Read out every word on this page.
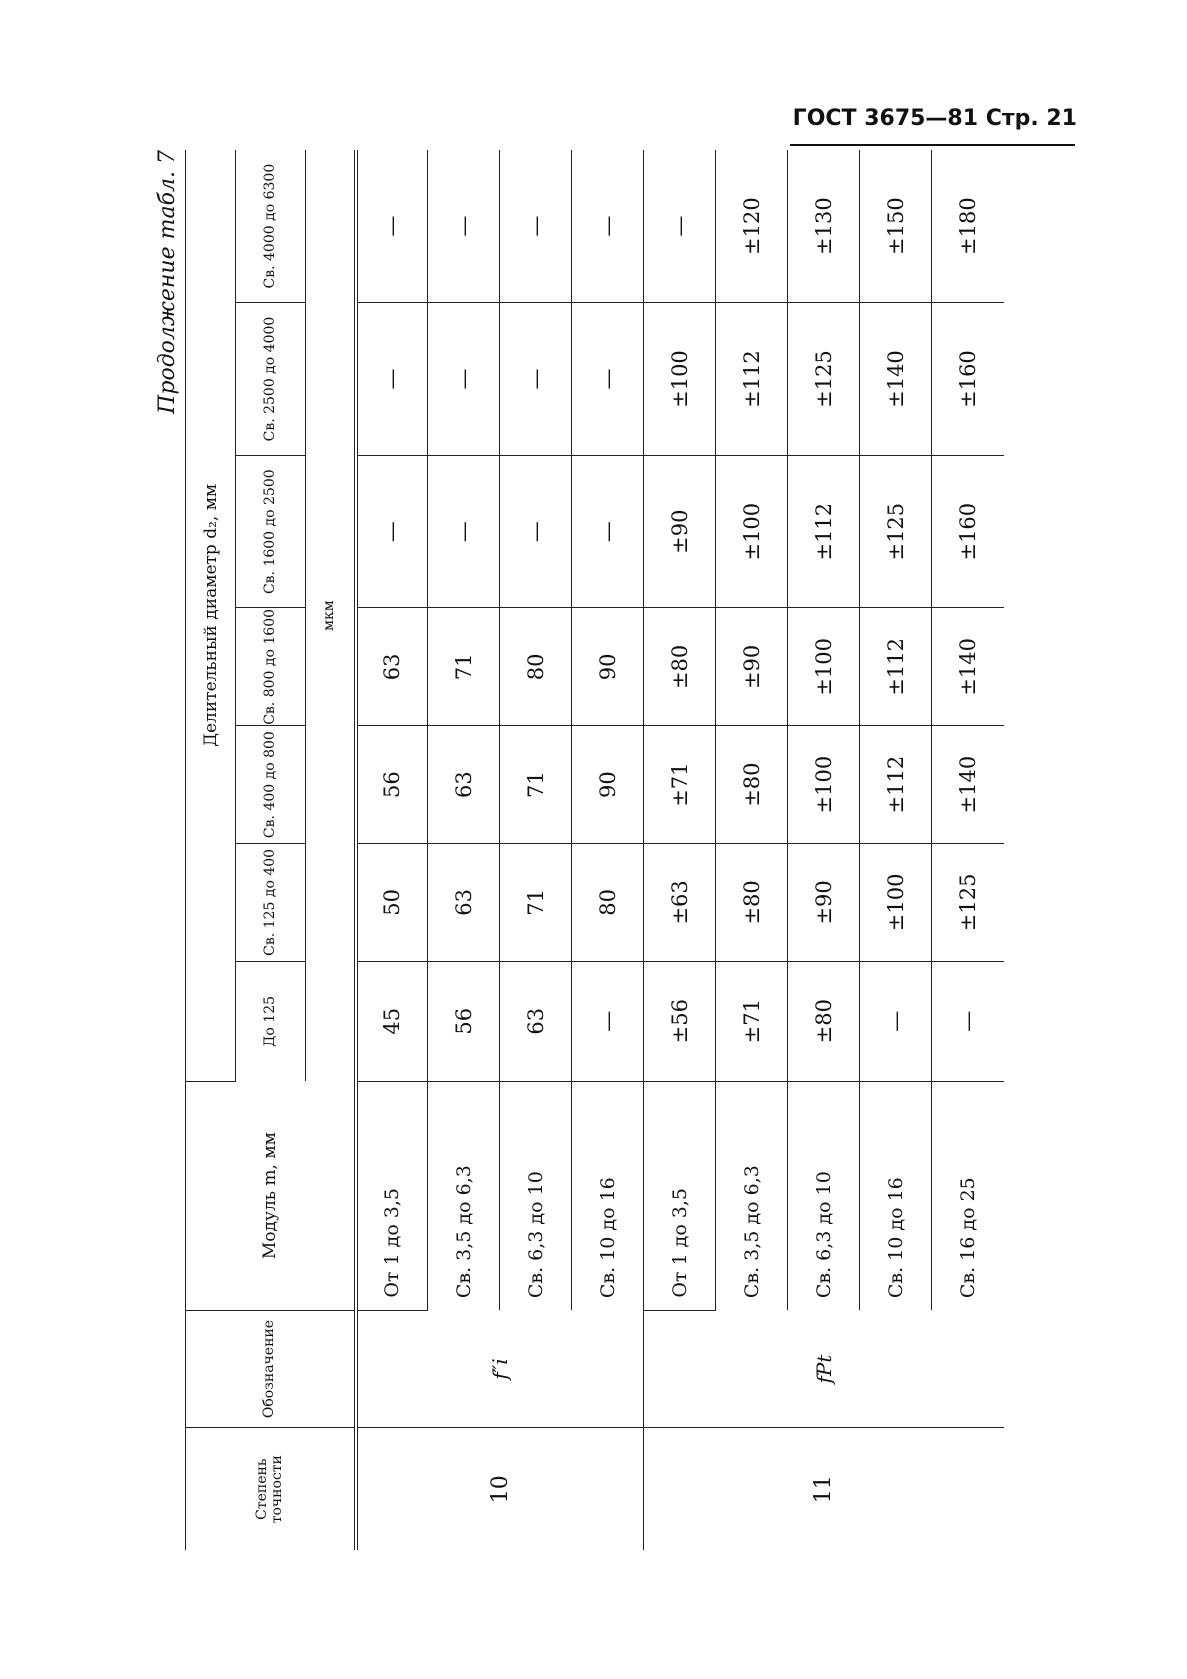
ГОСТ 3675—81 Стр. 21
Продолжение табл. 7
Степень точности	Обозначение	Модуль m, мм	Делительный диаметр d₂, мм						
			До 125	Св. 125 до 400	Св. 400 до 800	Св. 800 до 1600	Св. 1600 до 2500	Св. 2500 до 4000	Св. 4000 до 6300
			мкм						
10	f″i	От 1 до 3,5	45	50	56	63	—	—	—
		Св. 3,5 до 6,3	56	63	63	71	—	—	—
		Св. 6,3 до 10	63	71	71	80	—	—	—
		Св. 10 до 16	—	80	90	90	—	—	—
11	fPt	От 1 до 3,5	±56	±63	±71	±80	±90	±100	—
		Св. 3,5 до 6,3	±71	±80	±80	±90	±100	±112	±120
		Св. 6,3 до 10	±80	±90	±100	±100	±112	±125	±130
		Св. 10 до 16	—	±100	±112	±112	±125	±140	±150
		Св. 16 до 25	—	±125	±140	±140	±160	±160	±180
